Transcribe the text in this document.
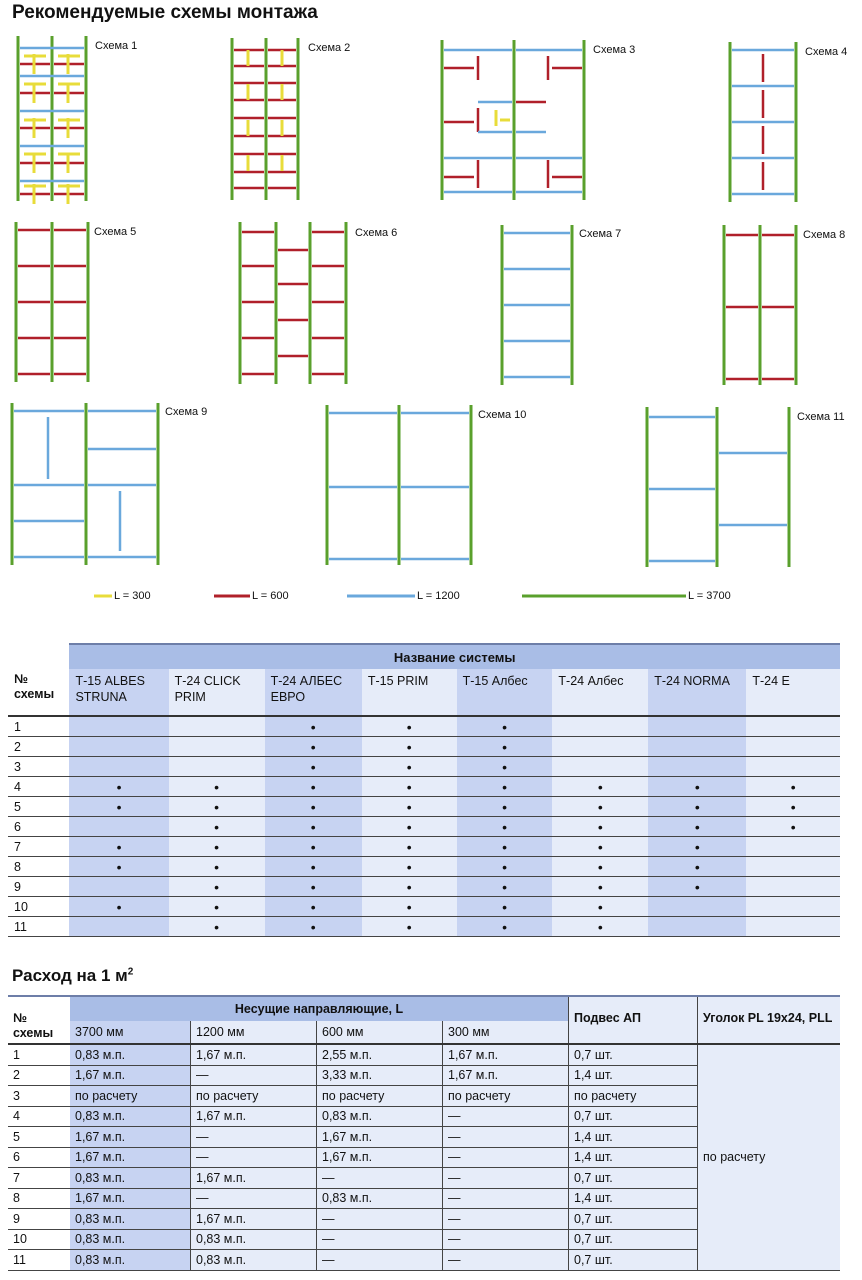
Рекомендуемые схемы монтажа
Схема 1	Схема 2	Схема 3	Схема 4
Схема 5	Схема 6	Схема 7	Схема 8
Схема 9	Схема 10	Схема 11
L = 300	L = 600	L = 1200	L = 3700
№ схемы	Название системы							
	Т-15 ALBES STRUNA	Т-24 CLICK PRIM	Т-24 АЛБЕС ЕВРО	Т-15 PRIM	Т-15 Албес	Т-24 Албес	Т-24 NORMA	Т-24 Е
1			•	•	•			
2			•	•	•			
3			•	•	•			
4	•	•	•	•	•	•	•	•
5	•	•	•	•	•	•	•	•
6		•	•	•	•	•	•	•
7	•	•	•	•	•	•	•	
8	•	•	•	•	•	•	•	
9		•	•	•	•	•	•	
10	•	•	•	•	•	•		
11		•	•	•	•	•		
Расход на 1 $м^2$
№ схемы	Несущие направляющие, L				Подвес АП	Уголок PL 19x24, PLL
	3700 мм	1200 мм	600 мм	300 мм		
1	0,83 м.п.	1,67 м.п.	2,55 м.п.	1,67 м.п.	0,7 шт.	по расчету
2	1,67 м.п.	—	3,33 м.п.	1,67 м.п.	1,4 шт.	
3	по расчету	по расчету	по расчету	по расчету	по расчету	
4	0,83 м.п.	1,67 м.п.	0,83 м.п.	—	0,7 шт.	
5	1,67 м.п.	—	1,67 м.п.	—	1,4 шт.	
6	1,67 м.п.	—	1,67 м.п.	—	1,4 шт.	
7	0,83 м.п.	1,67 м.п.	—	—	0,7 шт.	
8	1,67 м.п.	—	0,83 м.п.	—	1,4 шт.	
9	0,83 м.п.	1,67 м.п.	—	—	0,7 шт.	
10	0,83 м.п.	0,83 м.п.	—	—	0,7 шт.	
11	0,83 м.п.	0,83 м.п.	—	—	0,7 шт.	
